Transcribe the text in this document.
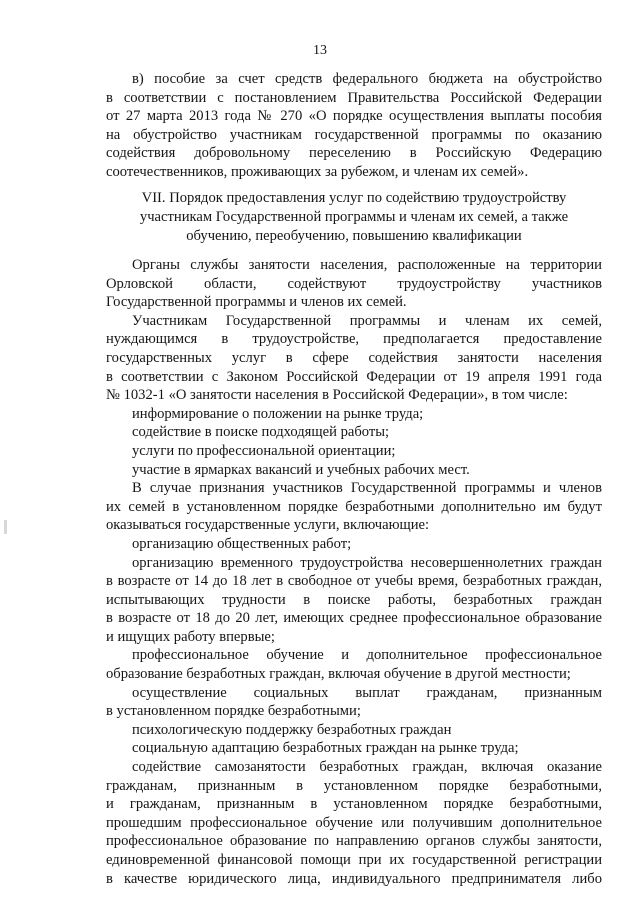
13
в) пособие за счет средств федерального бюджета на обустройство
в соответствии с постановлением Правительства Российской Федерации
от 27 марта 2013 года № 270 «О порядке осуществления выплаты пособия
на обустройство участникам государственной программы по оказанию
содействия добровольному переселению в Российскую Федерацию
соотечественников, проживающих за рубежом, и членам их семей».
VII. Порядок предоставления услуг по содействию трудоустройству
участникам Государственной программы и членам их семей, а также
обучению, переобучению, повышению квалификации
Органы службы занятости населения, расположенные на территории
Орловской области, содействуют трудоустройству участников
Государственной программы и членов их семей.
Участникам Государственной программы и членам их семей,
нуждающимся в трудоустройстве, предполагается предоставление
государственных услуг в сфере содействия занятости населения
в соответствии с Законом Российской Федерации от 19 апреля 1991 года
№ 1032-1 «О занятости населения в Российской Федерации», в том числе:
информирование о положении на рынке труда;
содействие в поиске подходящей работы;
услуги по профессиональной ориентации;
участие в ярмарках вакансий и учебных рабочих мест.
В случае признания участников Государственной программы и членов
их семей в установленном порядке безработными дополнительно им будут
оказываться государственные услуги, включающие:
организацию общественных работ;
организацию временного трудоустройства несовершеннолетних граждан
в возрасте от 14 до 18 лет в свободное от учебы время, безработных граждан,
испытывающих трудности в поиске работы, безработных граждан
в возрасте от 18 до 20 лет, имеющих среднее профессиональное образование
и ищущих работу впервые;
профессиональное обучение и дополнительное профессиональное
образование безработных граждан, включая обучение в другой местности;
осуществление социальных выплат гражданам, признанным
в установленном порядке безработными;
психологическую поддержку безработных граждан
социальную адаптацию безработных граждан на рынке труда;
содействие самозанятости безработных граждан, включая оказание
гражданам, признанным в установленном порядке безработными,
и гражданам, признанным в установленном порядке безработными,
прошедшим профессиональное обучение или получившим дополнительное
профессиональное образование по направлению органов службы занятости,
единовременной финансовой помощи при их государственной регистрации
в качестве юридического лица, индивидуального предпринимателя либо
